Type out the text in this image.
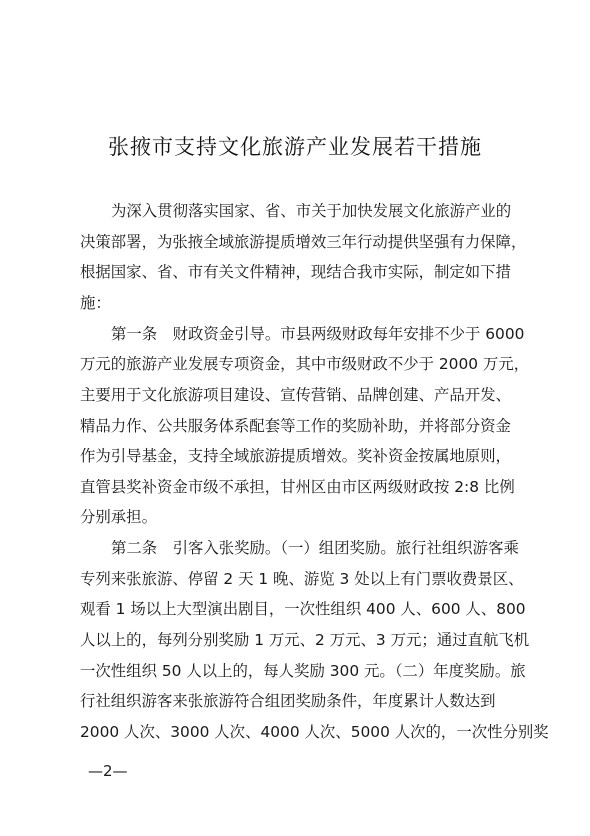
张掖市支持文化旅游产业发展若干措施
为深入贯彻落实国家、省、市关于加快发展文化旅游产业的
决策部署，为张掖全域旅游提质增效三年行动提供坚强有力保障，
根据国家、省、市有关文件精神，现结合我市实际，制定如下措
施：
第一条　财政资金引导。市县两级财政每年安排不少于 6000
万元的旅游产业发展专项资金，其中市级财政不少于 2000 万元，
主要用于文化旅游项目建设、宣传营销、品牌创建、产品开发、
精品力作、公共服务体系配套等工作的奖励补助，并将部分资金
作为引导基金，支持全域旅游提质增效。奖补资金按属地原则，
直管县奖补资金市级不承担，甘州区由市区两级财政按 2:8 比例
分别承担。
第二条　引客入张奖励。（一）组团奖励。旅行社组织游客乘
专列来张旅游、停留 2 天 1 晚、游览 3 处以上有门票收费景区、
观看 1 场以上大型演出剧目，一次性组织 400 人、600 人、800
人以上的，每列分别奖励 1 万元、2 万元、3 万元；通过直航飞机
一次性组织 50 人以上的，每人奖励 300 元。（二）年度奖励。旅
行社组织游客来张旅游符合组团奖励条件，年度累计人数达到
2000 人次、3000 人次、4000 人次、5000 人次的，一次性分别奖
—2—
